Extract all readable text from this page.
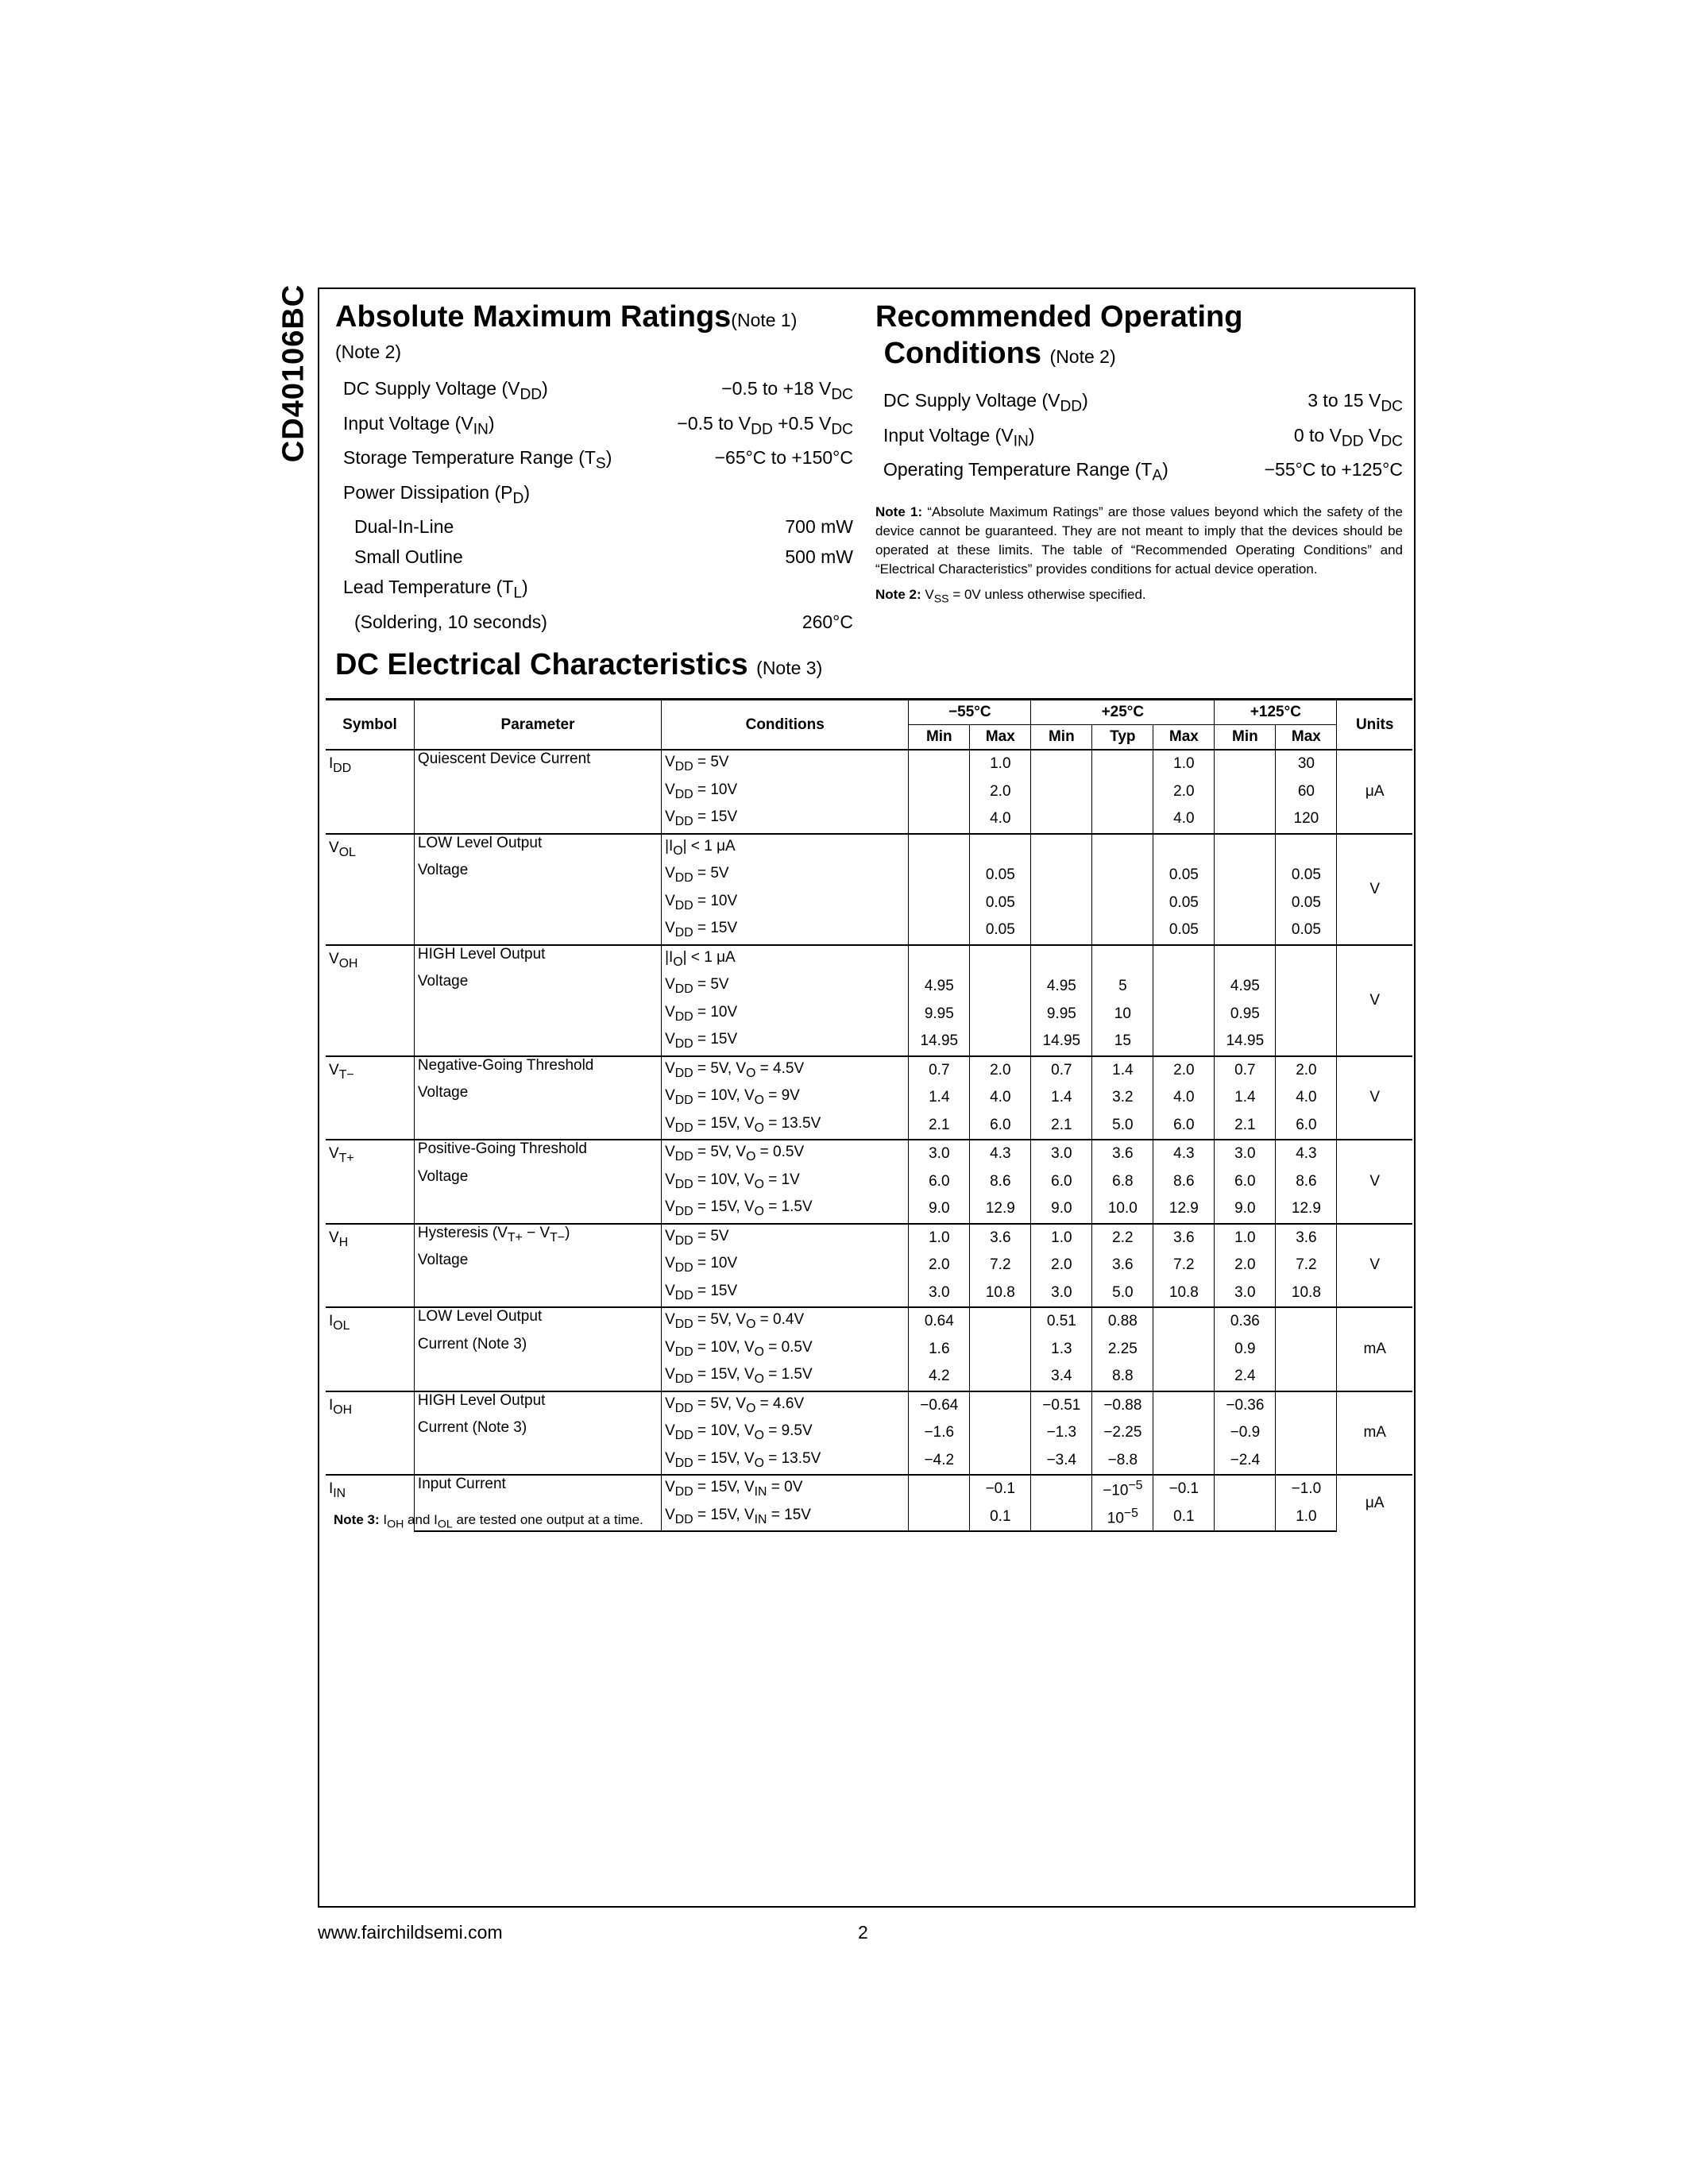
CD40106BC Absolute Maximum Ratings(Note 1)
(Note 2)
DC Supply Voltage $(V_{DD})$	−0.5 to +18 $V_{DC}$
Input Voltage $(V_{IN})$	−0.5 to $V_{DD} +0.5$ $V_{DC}$
Storage Temperature Range $(T_S)$	−65°C to +150°C
Power Dissipation $(P_D)$	
Dual-In-Line	700 mW
Small Outline	500 mW
Lead Temperature $(T_L)$	
(Soldering, 10 seconds)	260°C
Recommended Operating
Conditions (Note 2)
DC Supply Voltage $(V_{DD})$	3 to 15 $V_{DC}$
Input Voltage $(V_{IN})$	0 to $V_{DD}$ $V_{DC}$
Operating Temperature Range $(T_A)$	−55°C to +125°C

Note 1: “Absolute Maximum Ratings” are those values beyond which the safety of the device cannot be guaranteed. They are not meant to imply that the devices should be operated at these limits. The table of “Recommended Operating Conditions” and “Electrical Characteristics” provides conditions for actual device operation.

Note 2: $V_{SS} = 0V$ unless otherwise specified.

DC Electrical Characteristics (Note 3)
Symbol	Parameter	Conditions	−55°C		+25°C			+125°C		Units
			Min	Max	Min	Typ	Max	Min	Max	
$I_{DD}$	Quiescent Device Current	$V_{DD} = 5V$		1.0			1.0		30	μA
		$V_{DD} = 10V$		2.0			2.0		60	
		$V_{DD} = 15V$		4.0			4.0		120	
$V_{OL}$	LOW Level Output	$|I_O| < 1$ μA								V
	Voltage	$V_{DD} = 5V$		0.05			0.05		0.05	
		$V_{DD} = 10V$		0.05			0.05		0.05	
		$V_{DD} = 15V$		0.05			0.05		0.05	
$V_{OH}$	HIGH Level Output	$|I_O| < 1$ μA								V
	Voltage	$V_{DD} = 5V$	4.95		4.95	5		4.95		
		$V_{DD} = 10V$	9.95		9.95	10		0.95		
		$V_{DD} = 15V$	14.95		14.95	15		14.95		
$V_{T-}$	Negative-Going Threshold	$V_{DD} = 5V$, $V_O = 4.5V$	0.7	2.0	0.7	1.4	2.0	0.7	2.0	V
	Voltage	$V_{DD} = 10V$, $V_O = 9V$	1.4	4.0	1.4	3.2	4.0	1.4	4.0	
		$V_{DD} = 15V$, $V_O = 13.5V$	2.1	6.0	2.1	5.0	6.0	2.1	6.0	
$V_{T+}$	Positive-Going Threshold	$V_{DD} = 5V$, $V_O = 0.5V$	3.0	4.3	3.0	3.6	4.3	3.0	4.3	V
	Voltage	$V_{DD} = 10V$, $V_O = 1V$	6.0	8.6	6.0	6.8	8.6	6.0	8.6	
		$V_{DD} = 15V$, $V_O = 1.5V$	9.0	12.9	9.0	10.0	12.9	9.0	12.9	
$V_H$	Hysteresis $(V_{T+} - V_{T-})$	$V_{DD} = 5V$	1.0	3.6	1.0	2.2	3.6	1.0	3.6	V
	Voltage	$V_{DD} = 10V$	2.0	7.2	2.0	3.6	7.2	2.0	7.2	
		$V_{DD} = 15V$	3.0	10.8	3.0	5.0	10.8	3.0	10.8	
$I_{OL}$	LOW Level Output	$V_{DD} = 5V$, $V_O = 0.4V$	0.64		0.51	0.88		0.36		mA
	Current (Note 3)	$V_{DD} = 10V$, $V_O = 0.5V$	1.6		1.3	2.25		0.9		
		$V_{DD} = 15V$, $V_O = 1.5V$	4.2		3.4	8.8		2.4		
$I_{OH}$	HIGH Level Output	$V_{DD} = 5V$, $V_O = 4.6V$	−0.64		−0.51	−0.88		−0.36		mA
	Current (Note 3)	$V_{DD} = 10V$, $V_O = 9.5V$	−1.6		−1.3	−2.25		−0.9		
		$V_{DD} = 15V$, $V_O = 13.5V$	−4.2		−3.4	−8.8		−2.4		
$I_{IN}$	Input Current	$V_{DD} = 15V$, $V_{IN} = 0V$		−0.1		$-10^{-5}$	−0.1		−1.0	μA
		$V_{DD} = 15V$, $V_{IN} = 15V$		0.1		$10^{-5}$	0.1		1.0	
Note 3: $I_{OH}$ and $I_{OL}$ are tested one output at a time.
www.fairchildsemi.com	2
